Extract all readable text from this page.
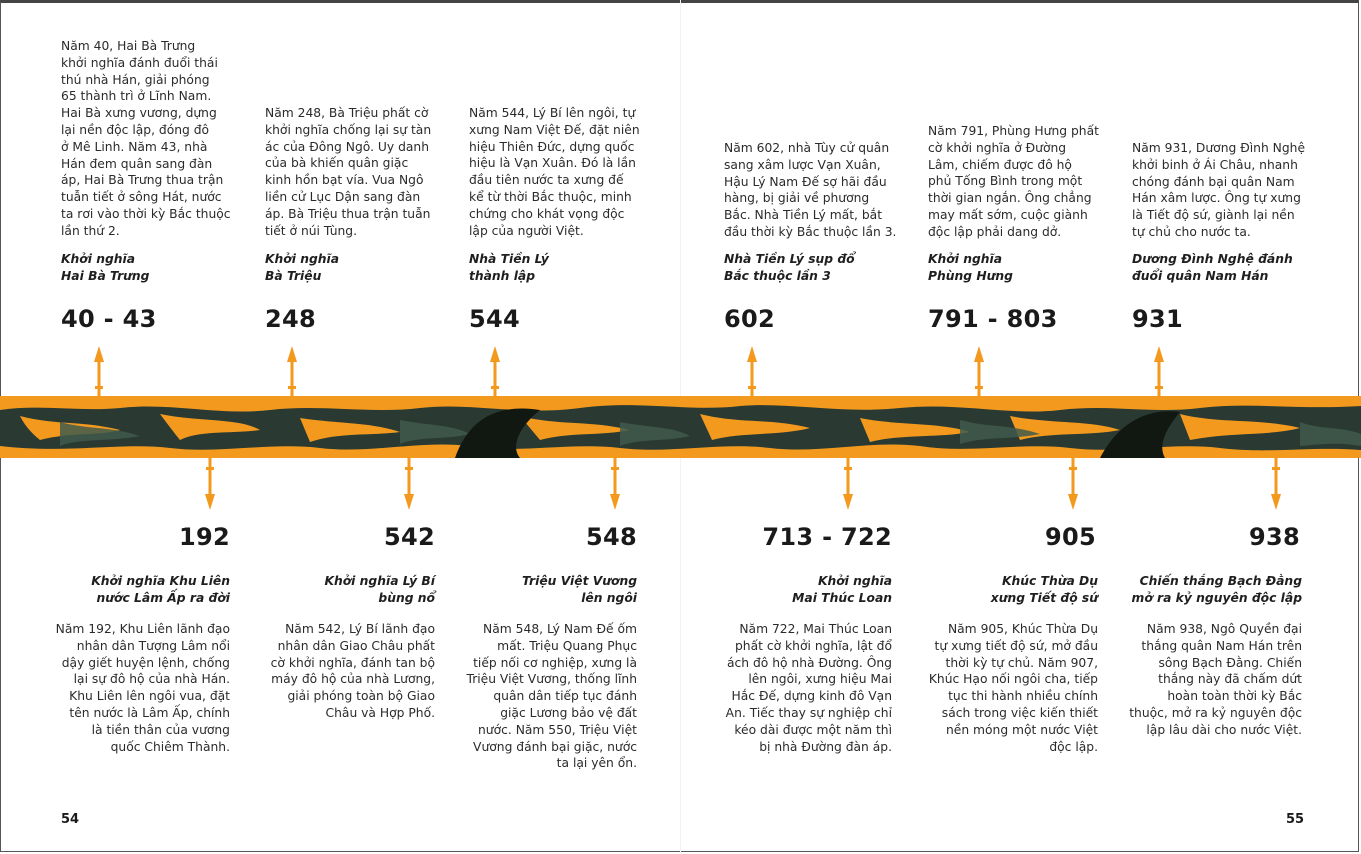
Năm 40, Hai Bà Trưng
khởi nghĩa đánh đuổi thái
thú nhà Hán, giải phóng
65 thành trì ở Lĩnh Nam.
Hai Bà xưng vương, dựng
lại nền độc lập, đóng đô
ở Mê Linh. Năm 43, nhà
Hán đem quân sang đàn
áp, Hai Bà Trưng thua trận
tuẫn tiết ở sông Hát, nước
ta rơi vào thời kỳ Bắc thuộc
lần thứ 2.
Khởi nghĩa
Hai Bà Trưng
40 - 43
Năm 248, Bà Triệu phất cờ
khởi nghĩa chống lại sự tàn
ác của Đông Ngô. Uy danh
của bà khiến quân giặc
kinh hồn bạt vía. Vua Ngô
liền cử Lục Dận sang đàn
áp. Bà Triệu thua trận tuẫn
tiết ở núi Tùng.
Khởi nghĩa
Bà Triệu
248
Năm 544, Lý Bí lên ngôi, tự
xưng Nam Việt Đế, đặt niên
hiệu Thiên Đức, dựng quốc
hiệu là Vạn Xuân. Đó là lần
đầu tiên nước ta xưng đế
kể từ thời Bắc thuộc, minh
chứng cho khát vọng độc
lập của người Việt.
Nhà Tiền Lý
thành lập
544
Năm 602, nhà Tùy cử quân
sang xâm lược Vạn Xuân,
Hậu Lý Nam Đế sợ hãi đầu
hàng, bị giải về phương
Bắc. Nhà Tiền Lý mất, bắt
đầu thời kỳ Bắc thuộc lần 3.
Nhà Tiền Lý sụp đổ
Bắc thuộc lần 3
602
Năm 791, Phùng Hưng phất
cờ khởi nghĩa ở Đường
Lâm, chiếm được đô hộ
phủ Tống Bình trong một
thời gian ngắn. Ông chẳng
may mất sớm, cuộc giành
độc lập phải dang dở.
Khởi nghĩa
Phùng Hưng
791 - 803
Năm 931, Dương Đình Nghệ
khởi binh ở Ái Châu, nhanh
chóng đánh bại quân Nam
Hán xâm lược. Ông tự xưng
là Tiết độ sứ, giành lại nền
tự chủ cho nước ta.
Dương Đình Nghệ đánh
đuổi quân Nam Hán
931
192
Khởi nghĩa Khu Liên
nước Lâm Ấp ra đời
Năm 192, Khu Liên lãnh đạo
nhân dân Tượng Lâm nổi
dậy giết huyện lệnh, chống
lại sự đô hộ của nhà Hán.
Khu Liên lên ngôi vua, đặt
tên nước là Lâm Ấp, chính
là tiền thân của vương
quốc Chiêm Thành.
542
Khởi nghĩa Lý Bí
bùng nổ
Năm 542, Lý Bí lãnh đạo
nhân dân Giao Châu phất
cờ khởi nghĩa, đánh tan bộ
máy đô hộ của nhà Lương,
giải phóng toàn bộ Giao
Châu và Hợp Phố.
548
Triệu Việt Vương
lên ngôi
Năm 548, Lý Nam Đế ốm
mất. Triệu Quang Phục
tiếp nối cơ nghiệp, xưng là
Triệu Việt Vương, thống lĩnh
quân dân tiếp tục đánh
giặc Lương bảo vệ đất
nước. Năm 550, Triệu Việt
Vương đánh bại giặc, nước
ta lại yên ổn.
713 - 722
Khởi nghĩa
Mai Thúc Loan
Năm 722, Mai Thúc Loan
phất cờ khởi nghĩa, lật đổ
ách đô hộ nhà Đường. Ông
lên ngôi, xưng hiệu Mai
Hắc Đế, dựng kinh đô Vạn
An. Tiếc thay sự nghiệp chỉ
kéo dài được một năm thì
bị nhà Đường đàn áp.
905
Khúc Thừa Dụ
xưng Tiết độ sứ
Năm 905, Khúc Thừa Dụ
tự xưng tiết độ sứ, mở đầu
thời kỳ tự chủ. Năm 907,
Khúc Hạo nối ngôi cha, tiếp
tục thi hành nhiều chính
sách trong việc kiến thiết
nền móng một nước Việt
độc lập.
938
Chiến thắng Bạch Đằng
mở ra kỷ nguyên độc lập
Năm 938, Ngô Quyền đại
thắng quân Nam Hán trên
sông Bạch Đằng. Chiến
thắng này đã chấm dứt
hoàn toàn thời kỳ Bắc
thuộc, mở ra kỷ nguyên độc
lập lâu dài cho nước Việt.
54	55
